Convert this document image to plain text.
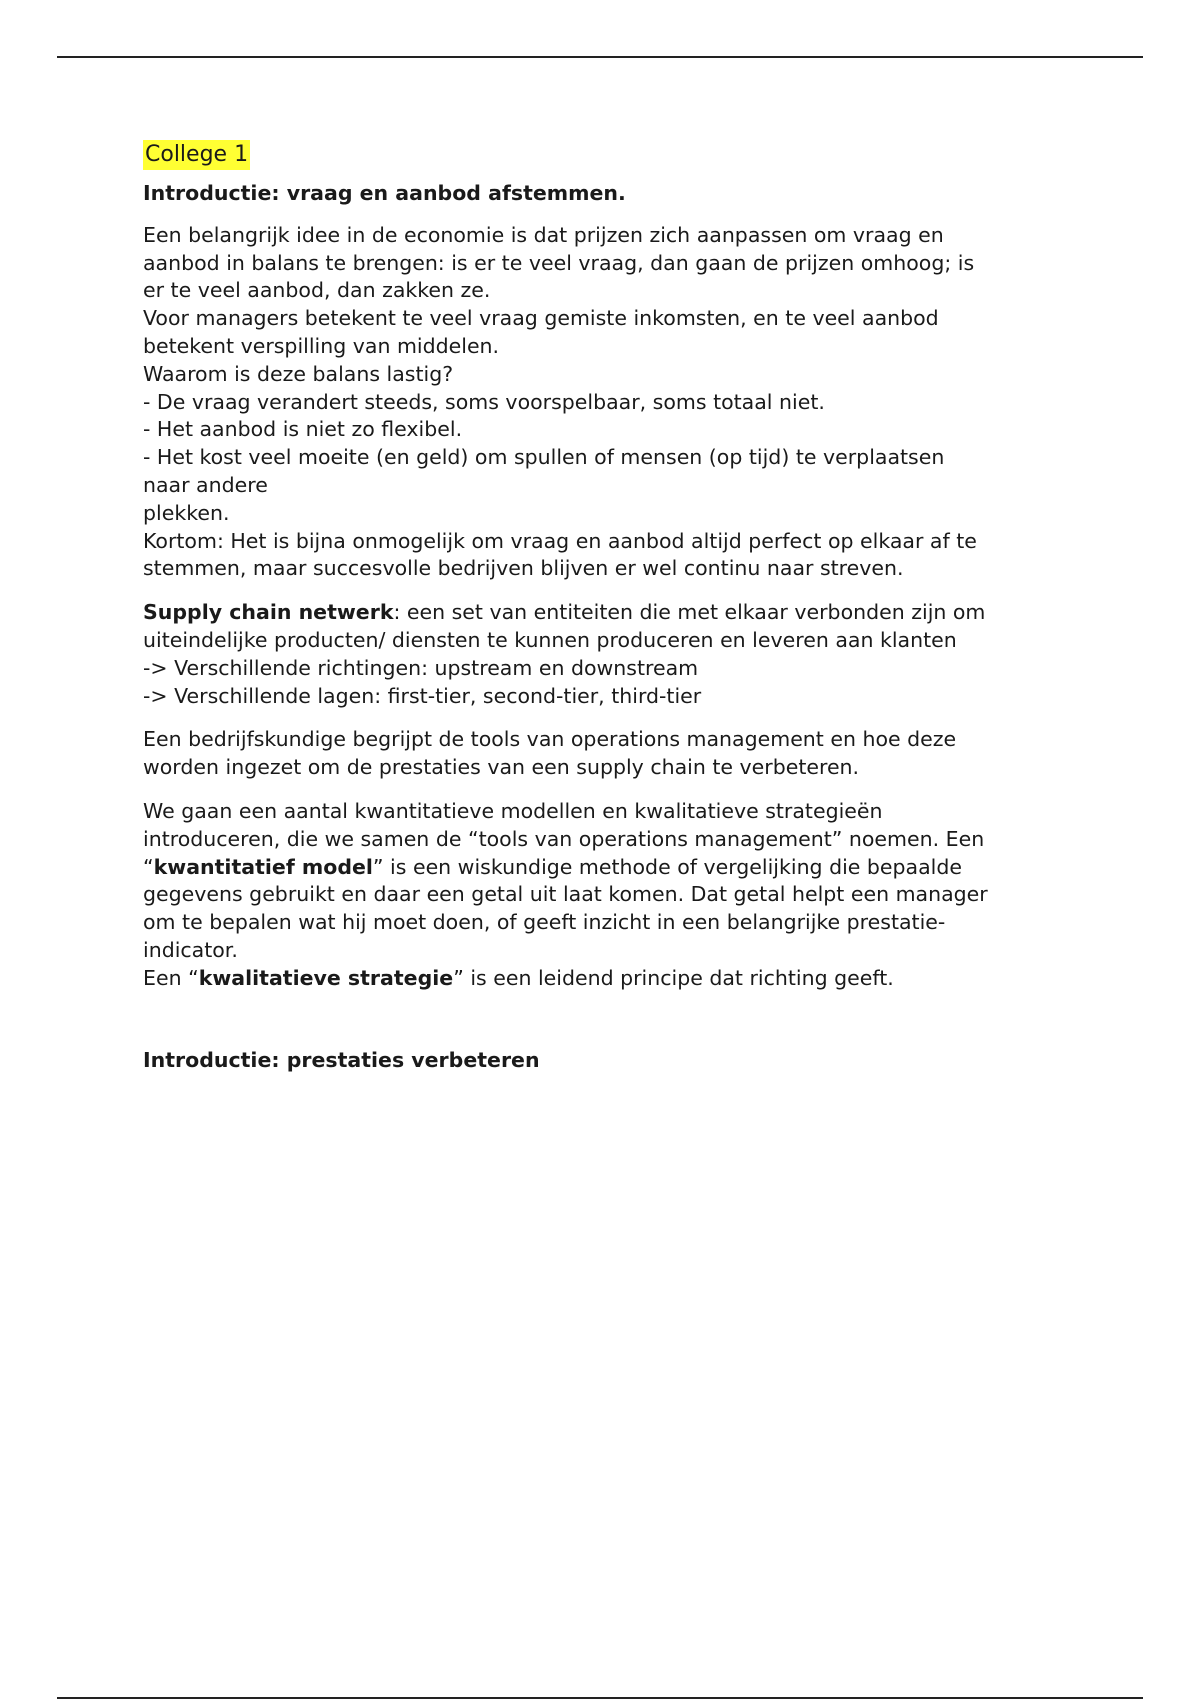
College 1

Introductie: vraag en aanbod afstemmen.

Een belangrijk idee in de economie is dat prijzen zich aanpassen om vraag en
aanbod in balans te brengen: is er te veel vraag, dan gaan de prijzen omhoog; is
er te veel aanbod, dan zakken ze.
Voor managers betekent te veel vraag gemiste inkomsten, en te veel aanbod
betekent verspilling van middelen.
Waarom is deze balans lastig?
- De vraag verandert steeds, soms voorspelbaar, soms totaal niet.
- Het aanbod is niet zo flexibel.
- Het kost veel moeite (en geld) om spullen of mensen (op tijd) te verplaatsen
naar andere
plekken.
Kortom: Het is bijna onmogelijk om vraag en aanbod altijd perfect op elkaar af te
stemmen, maar succesvolle bedrijven blijven er wel continu naar streven.

Supply chain netwerk: een set van entiteiten die met elkaar verbonden zijn om
uiteindelijke producten/ diensten te kunnen produceren en leveren aan klanten
-> Verschillende richtingen: upstream en downstream
-> Verschillende lagen: first-tier, second-tier, third-tier

Een bedrijfskundige begrijpt de tools van operations management en hoe deze
worden ingezet om de prestaties van een supply chain te verbeteren.

We gaan een aantal kwantitatieve modellen en kwalitatieve strategieën
introduceren, die we samen de “tools van operations management” noemen. Een
“kwantitatief model” is een wiskundige methode of vergelijking die bepaalde
gegevens gebruikt en daar een getal uit laat komen. Dat getal helpt een manager
om te bepalen wat hij moet doen, of geeft inzicht in een belangrijke prestatie-
indicator.
Een “kwalitatieve strategie” is een leidend principe dat richting geeft.

Introductie: prestaties verbeteren
